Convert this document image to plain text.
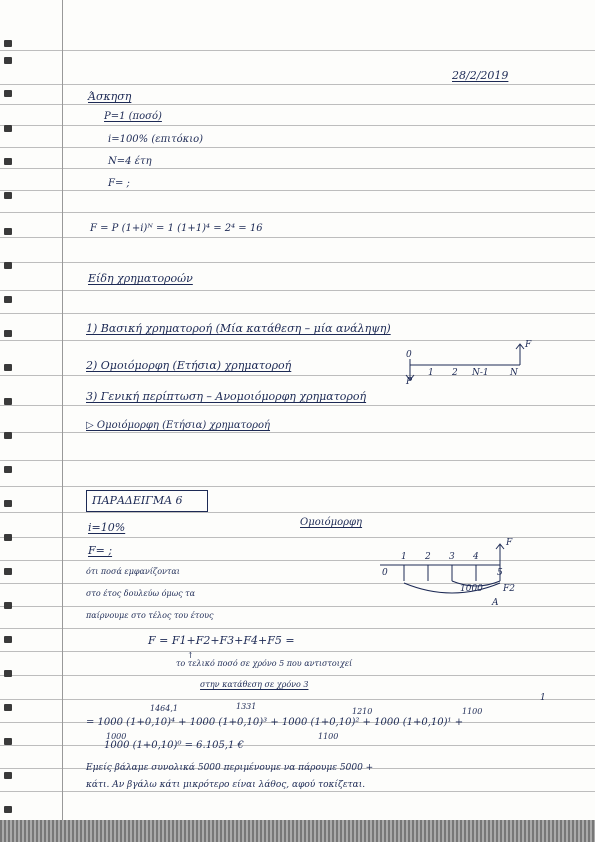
28/2/2019
Άσκηση
P=1 (ποσό)
i=100% (επιτόκιο)
N=4 έτη
F= ;
F = P (1+i)ᴺ = 1 (1+1)⁴ = 2⁴ = 16
Είδη χρηματοροών
1) Βασική χρηματοροή (Μία κατάθεση – μία ανάληψη)
2) Ομοιόμορφη (Ετήσια) χρηματοροή
3) Γενική περίπτωση – Ανομοιόμορφη χρηματοροή
▷ Ομοιόμορφη (Ετήσια) χρηματοροή
F
0
1 2 N-1 N
P
ΠΑΡΑΔΕΙΓΜΑ 6
i=10%	Ομοιόμορφη
F= ;
ότι ποσά εμφανίζονται
στο έτος δουλεύω όμως τα
παίρνουμε στο τέλος του έτους
0
1 2 3 4
5
F
F2
1000
A
F = F1+F2+F3+F4+F5 =
↑
το τελικό ποσό σε χρόνο 5 που αντιστοιχεί
στην κατάθεση σε χρόνο 3
1464,1	1331
1210	1100
1
= 1000 (1+0,10)⁴ + 1000 (1+0,10)³ + 1000 (1+0,10)² + 1000 (1+0,10)¹ +
1000	1100
1000 (1+0,10)⁰ = 6.105,1 €
Εμείς βάλαμε συνολικά 5000 περιμένουμε να πάρουμε 5000 +
κάτι. Αν βγάλω κάτι μικρότερο είναι λάθος, αφού τοκίζεται.
